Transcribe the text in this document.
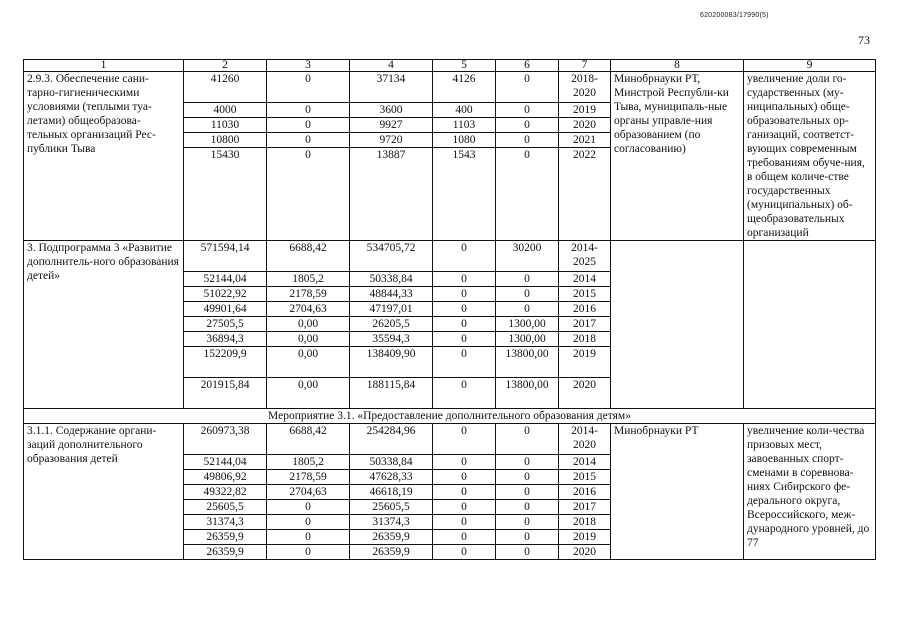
620200083/17990(5)
73
1	2	3	4	5	6	7	8	9
2.9.3. Обеспечение сани-тарно-гигиеническими условиями (теплыми туа-летами) общеобразова-тельных организаций Рес-публики Тыва	41260	0	37134	4126	0	2018-2020	Минобрнауки РТ, Минстрой Республи-ки Тыва, муниципаль-ные органы управле-ния образованием (по согласованию)	увеличение доли го-сударственных (му-ниципальных) обще-образовательных ор-ганизаций, соответст-вующих современным требованиям обуче-ния, в общем количе-стве государственных (муниципальных) об-щеобразовательных организаций
	4000	0	3600	400	0	2019		
	11030	0	9927	1103	0	2020		
	10800	0	9720	1080	0	2021		
	15430	0	13887	1543	0	2022		
3. Подпрограмма 3 «Развитие дополнитель-ного образования детей»	571594,14	6688,42	534705,72	0	30200	2014-2025		
	52144,04	1805,2	50338,84	0	0	2014		
	51022,92	2178,59	48844,33	0	0	2015		
	49901,64	2704,63	47197,01	0	0	2016		
	27505,5	0,00	26205,5	0	1300,00	2017		
	36894,3	0,00	35594,3	0	1300,00	2018		
	152209,9	0,00	138409,90	0	13800,00	2019		
	201915,84	0,00	188115,84	0	13800,00	2020		
Мероприятие 3.1. «Предоставление дополнительного образования детям»								
3.1.1. Содержание органи-заций дополнительного образования детей	260973,38	6688,42	254284,96	0	0	2014-2020	Минобрнауки РТ	увеличение коли-чества призовых мест, завоеванных спорт-сменами в соревнова-ниях Сибирского фе-дерального округа, Всероссийского, меж-дународного уровней, до 77
	52144,04	1805,2	50338,84	0	0	2014		
	49806,92	2178,59	47628,33	0	0	2015		
	49322,82	2704,63	46618,19	0	0	2016		
	25605,5	0	25605,5	0	0	2017		
	31374,3	0	31374,3	0	0	2018		
	26359,9	0	26359,9	0	0	2019		
	26359,9	0	26359,9	0	0	2020		
